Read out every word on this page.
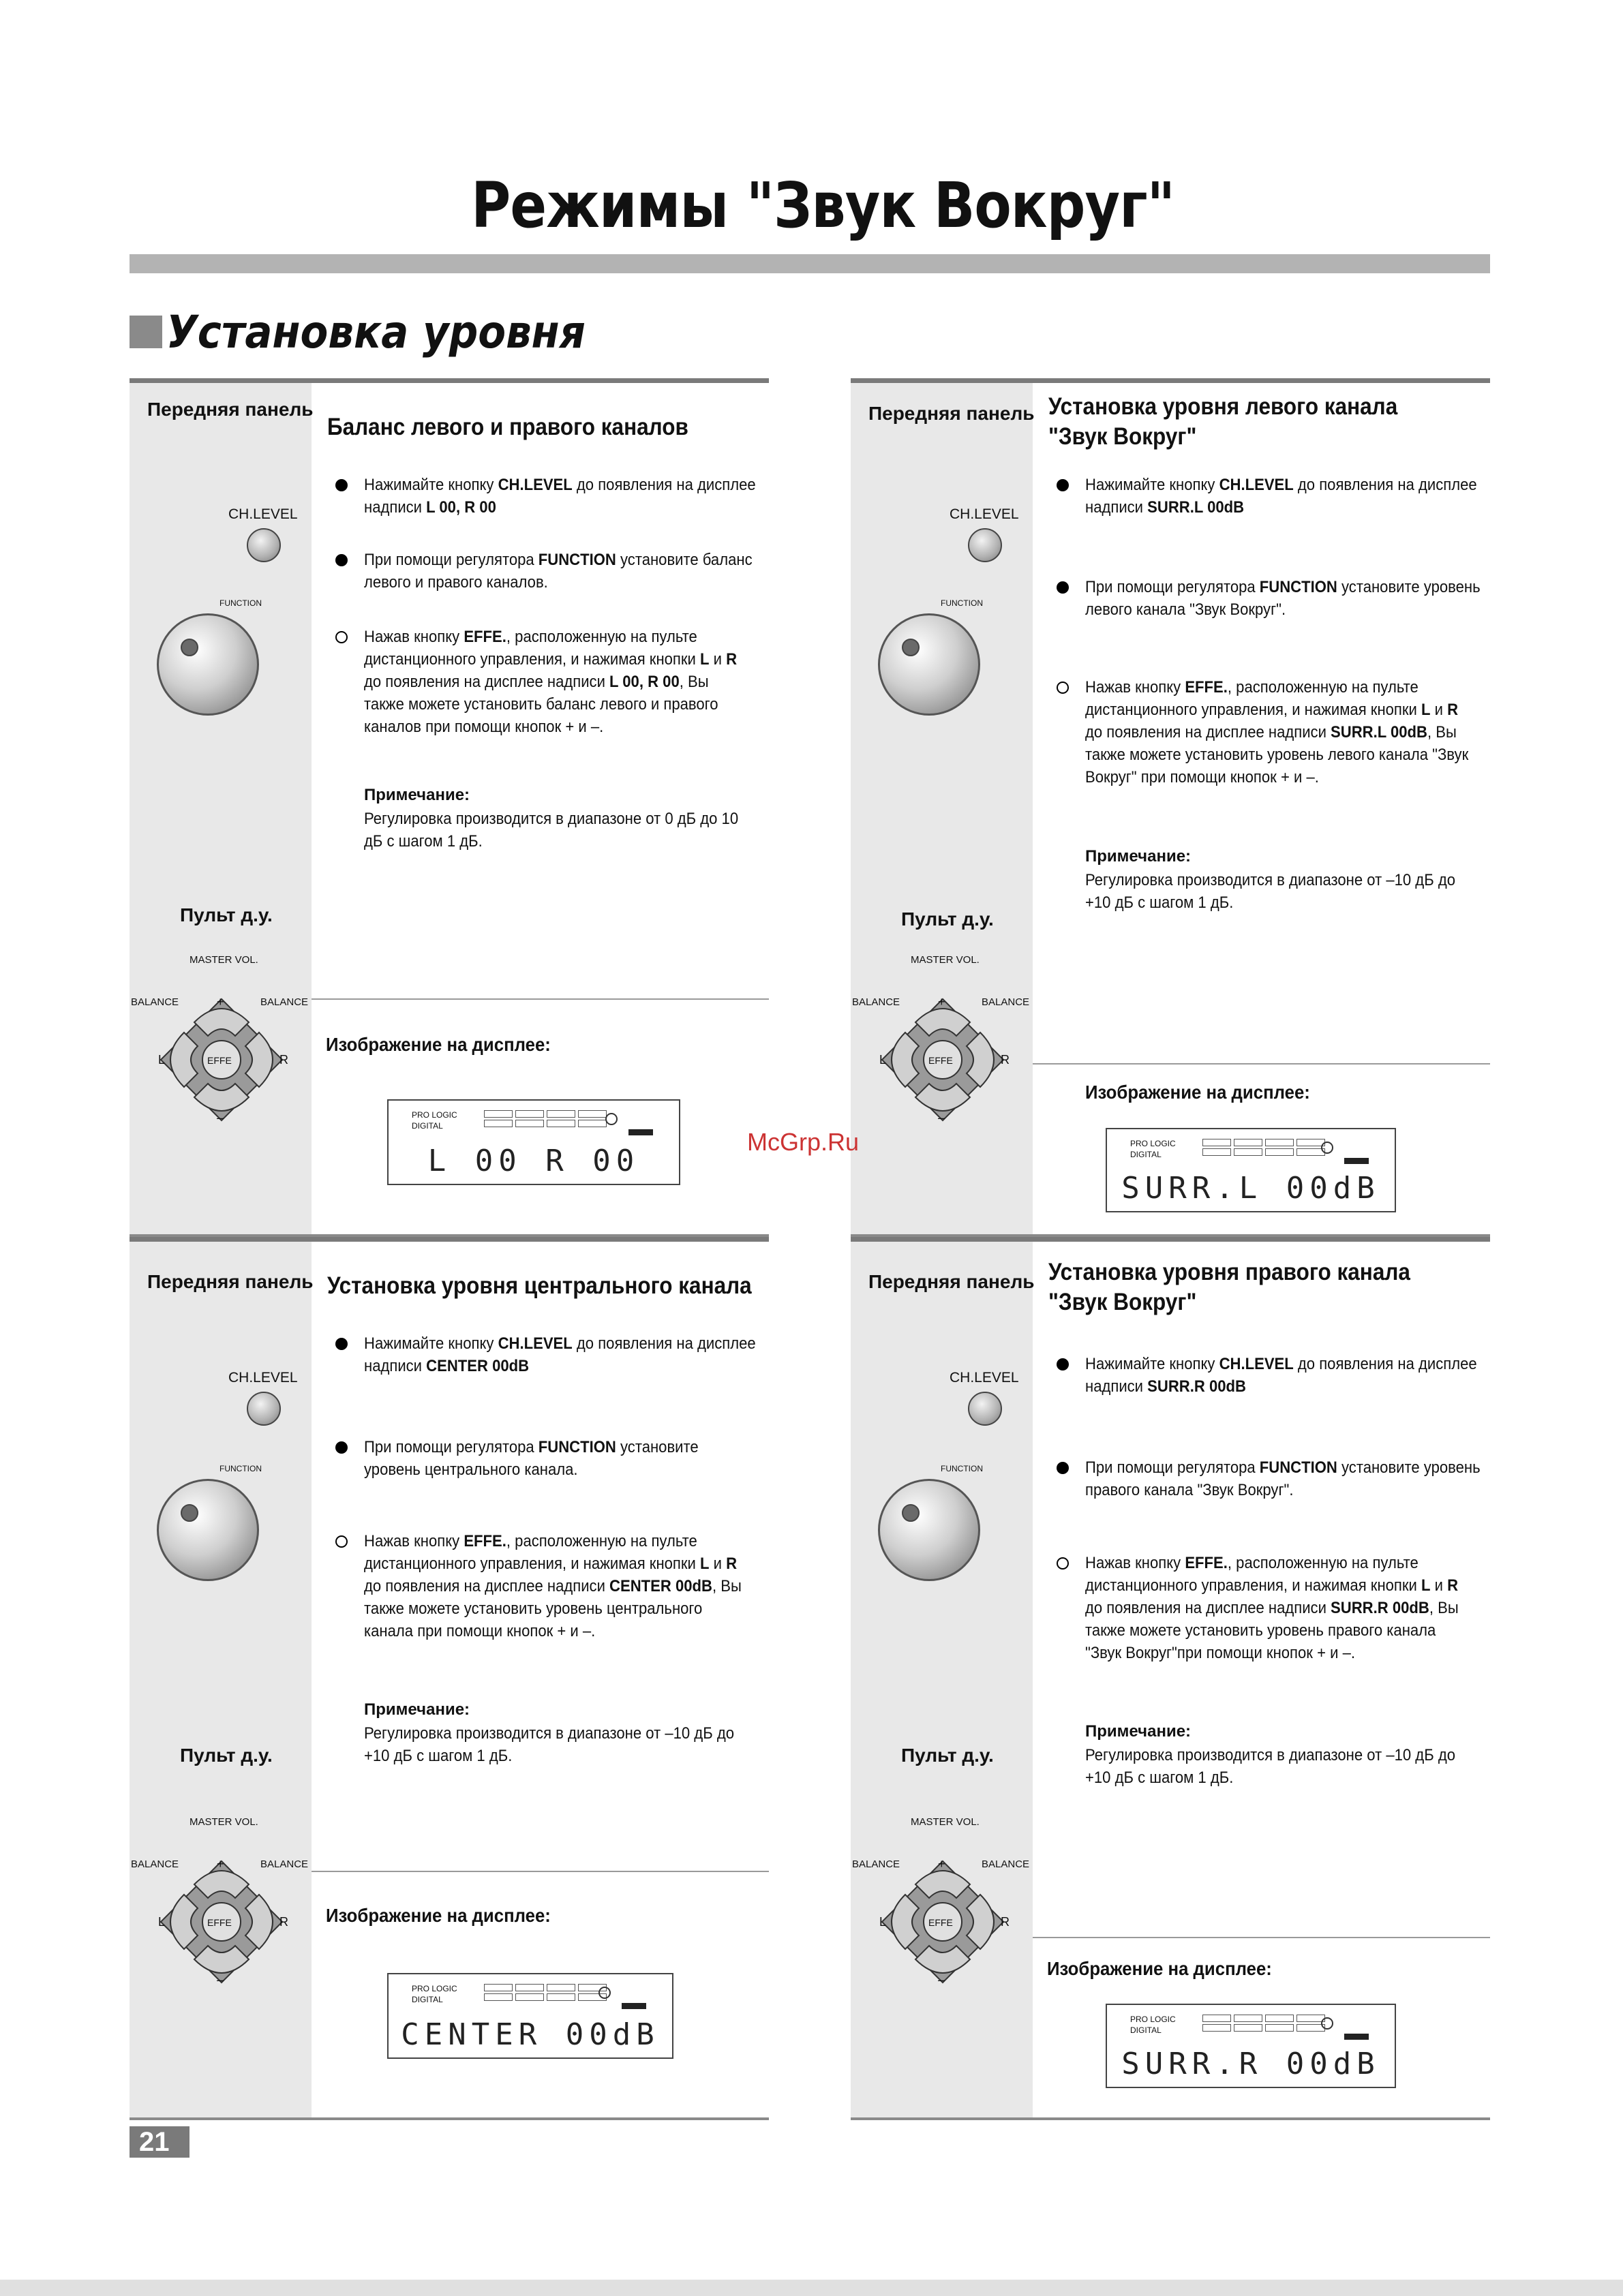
Режимы "Звук Вокруг"
Установка уровня
Передняя панель
CH.LEVEL
FUNCTION
Пульт д.у.
MASTER VOL.
BALANCE	BALANCE
+
–
L	R
EFFE
Баланс левого и правого каналов
Нажимайте кнопку CH.LEVEL до появления на дисплее
надписи L 00, R 00
При помощи регулятора FUNCTION установите баланс
левого и правого каналов.
Нажав кнопку EFFE., расположенную на пульте
дистанционного управления, и нажимая кнопки L и R
до появления на дисплее надписи L 00, R 00, Вы
также можете установить баланс левого и правого
каналов при помощи кнопок + и –.
Примечание:
Регулировка производится в диапазоне от 0 дБ до 10
дБ с шагом 1 дБ.
Изображение на дисплее:
PRO LOGIC
DIGITAL
L 00 R 00
Передняя панель
CH.LEVEL
FUNCTION
Пульт д.у.
MASTER VOL.
BALANCE	BALANCE
+
–
L	R
EFFE
Установка уровня левого канала
"Звук Вокруг"
Нажимайте кнопку CH.LEVEL до появления на дисплее
надписи SURR.L 00dB
При помощи регулятора FUNCTION установите уровень
левого канала "Звук Вокруг".
Нажав кнопку EFFE., расположенную на пульте
дистанционного управления, и нажимая кнопки L и R
до появления на дисплее надписи SURR.L 00dB, Вы
также можете установить уровень левого канала "Звук
Вокруг" при помощи кнопок + и –.
Примечание:
Регулировка производится в диапазоне от –10 дБ до
+10 дБ с шагом 1 дБ.
Изображение на дисплее:
PRO LOGIC
DIGITAL
SURR.L 00dB
Передняя панель
CH.LEVEL
FUNCTION
Пульт д.у.
MASTER VOL.
BALANCE	BALANCE
+
–
L	R
EFFE
Установка уровня центрального канала
Нажимайте кнопку CH.LEVEL до появления на дисплее
надписи CENTER 00dB
При помощи регулятора FUNCTION установите
уровень центрального канала.
Нажав кнопку EFFE., расположенную на пульте
дистанционного управления, и нажимая кнопки L и R
до появления на дисплее надписи CENTER 00dB, Вы
также можете установить уровень центрального
канала при помощи кнопок + и –.
Примечание:
Регулировка производится в диапазоне от –10 дБ до
+10 дБ с шагом 1 дБ.
Изображение на дисплее:
PRO LOGIC
DIGITAL
CENTER 00dB
Передняя панель
CH.LEVEL
FUNCTION
Пульт д.у.
MASTER VOL.
BALANCE	BALANCE
+
–
L	R
EFFE
Установка уровня правого канала
"Звук Вокруг"
Нажимайте кнопку CH.LEVEL до появления на дисплее
надписи SURR.R 00dB
При помощи регулятора FUNCTION установите уровень
правого канала "Звук Вокруг".
Нажав кнопку EFFE., расположенную на пульте
дистанционного управления, и нажимая кнопки L и R
до появления на дисплее надписи SURR.R 00dB, Вы
также можете установить уровень правого канала
"Звук Вокруг"при помощи кнопок + и –.
Примечание:
Регулировка производится в диапазоне от –10 дБ до
+10 дБ с шагом 1 дБ.
Изображение на дисплее:
PRO LOGIC
DIGITAL
SURR.R 00dB
McGrp.Ru
21
